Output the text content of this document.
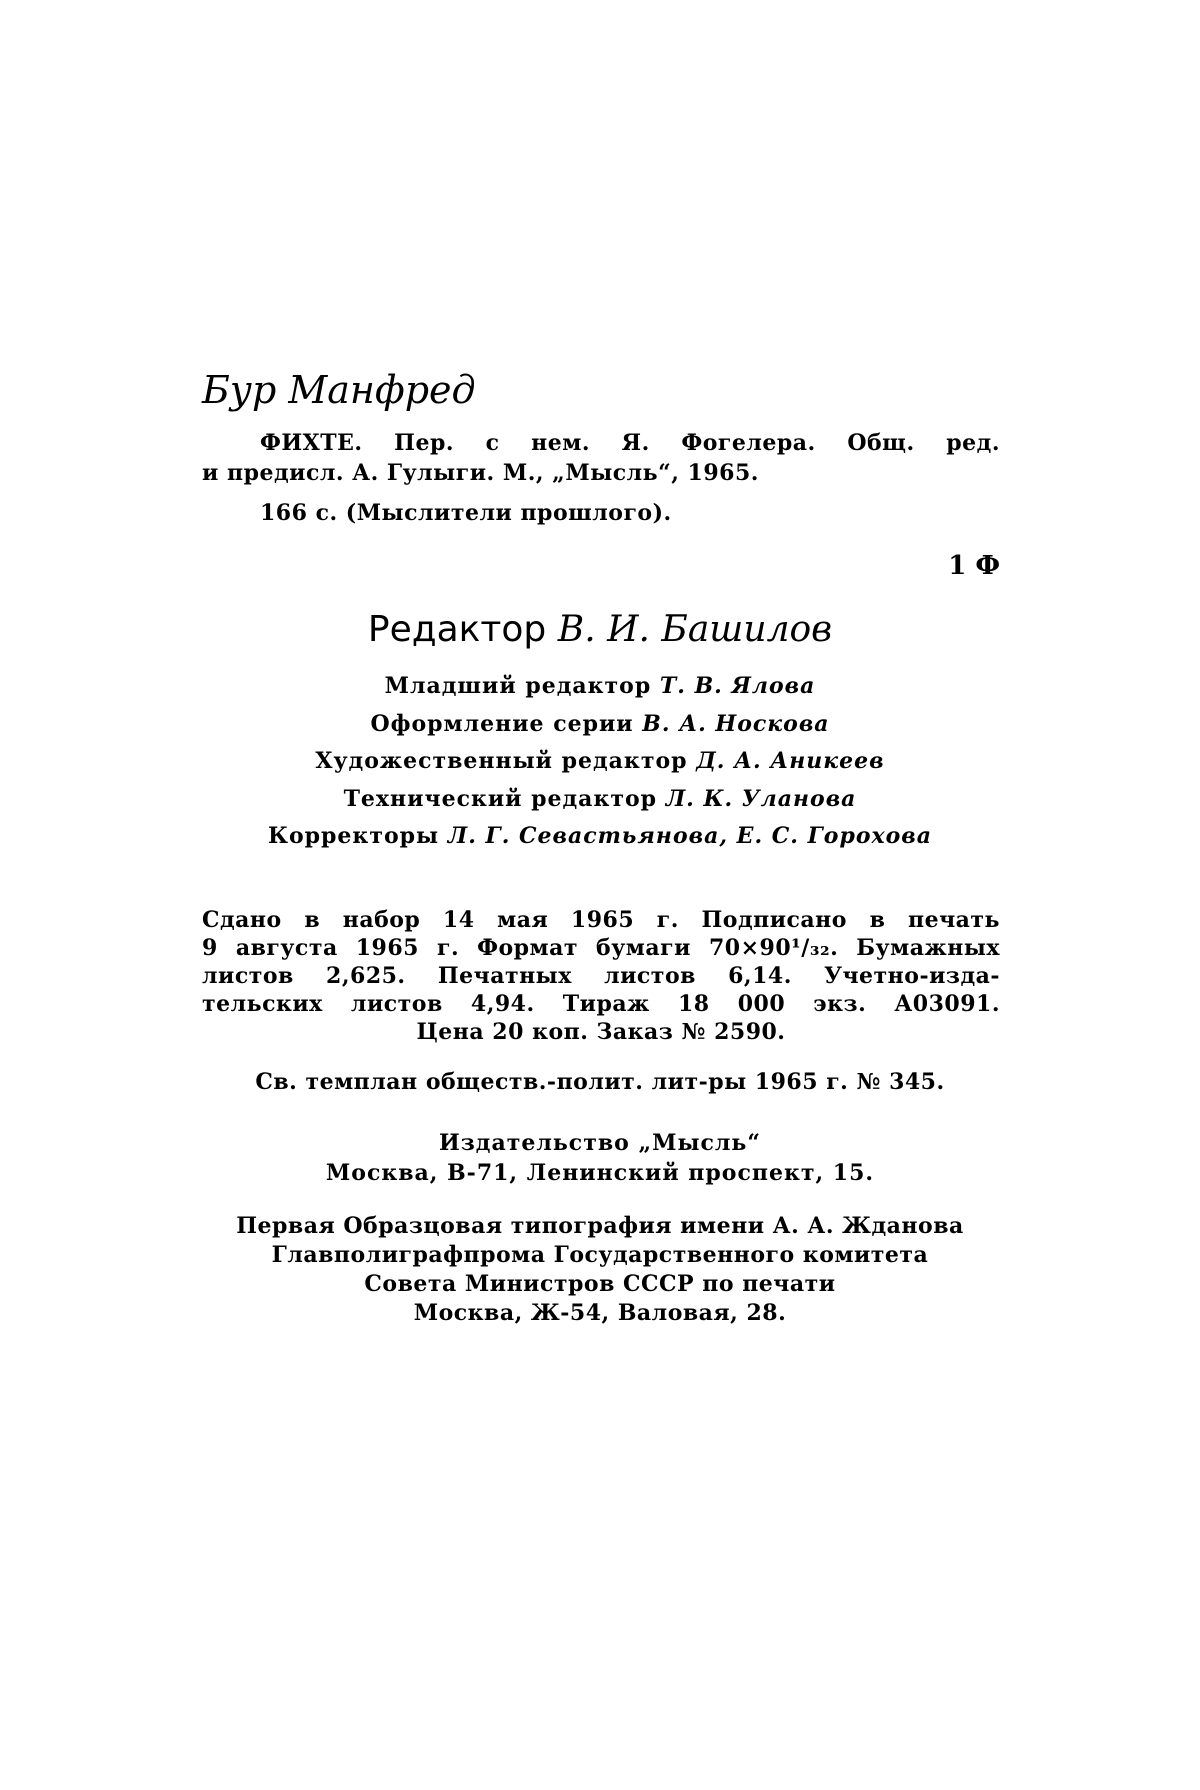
Бур Манфред
ФИХТЕ. Пер. с нем. Я. Фогелера. Общ. ред.
и предисл. А. Гулыги. М., „Мысль“, 1965.
166 с. (Мыслители прошлого).
1 Ф
Редактор В. И. Башилов
Младший редактор Т. В. Ялова
Оформление серии В. А. Носкова
Художественный редактор Д. А. Аникеев
Технический редактор Л. К. Уланова
Корректоры Л. Г. Севастьянова, Е. С. Горохова
Сдано в набор 14 мая 1965 г. Подписано в печать
9 августа 1965 г. Формат бумаги 70×90¹/₃₂. Бумажных
листов 2,625. Печатных листов 6,14. Учетно-изда-
тельских листов 4,94. Тираж 18 000 экз. А03091.
Цена 20 коп. Заказ № 2590.
Св. темплан обществ.-полит. лит-ры 1965 г. № 345.
Издательство „Мысль“
Москва, В-71, Ленинский проспект, 15.
Первая Образцовая типография имени А. А. Жданова
Главполиграфпрома Государственного комитета
Совета Министров СССР по печати
Москва, Ж-54, Валовая, 28.
